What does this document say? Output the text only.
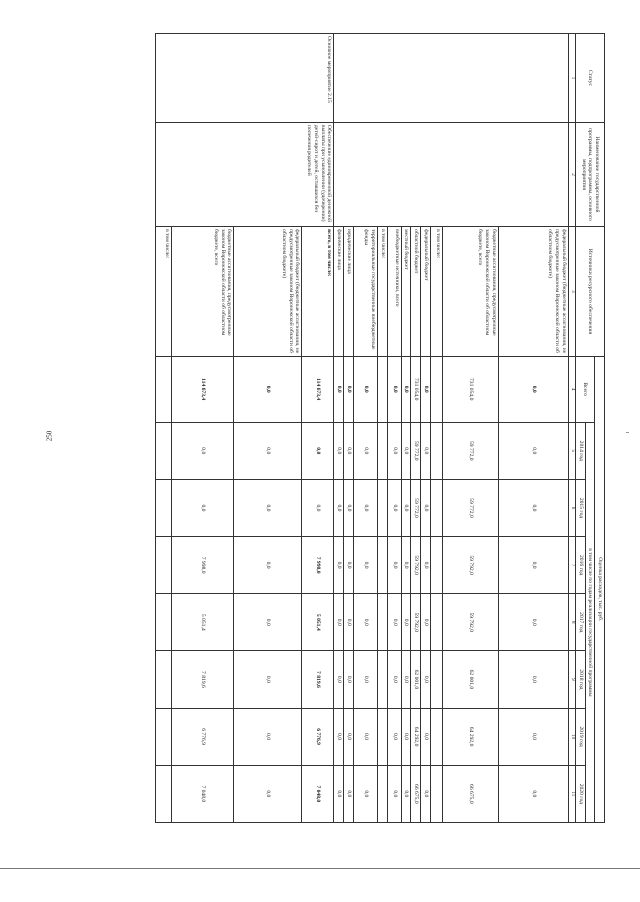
250
Статус	Наименование государственной программы, подпрограммы, основного мероприятия	Источники ресурсного обеспечения	Оценка расходов, тыс. руб.							
			Всего	в том числе по годам реализации государственной программы						
				2014 год	2015 год	2016 год	2017 год	2018 год	2019 год	2020 год
1	2	3	4	5	6	7	8	9	10	11
		федеральный бюджет (бюджетные ассигнования, не предусмотренные законом Воронежской области об областном бюджете)	0,0	0,0	0,0	0,0	0,0	0,0	0,0	0,0
		бюджетные ассигнования, предусмотренные законом Воронежской области об областном бюджете, всего	731 054,0	59 772,0	59 772,0	59 792,0	59 792,0	62 001,0	64 292,0	66 675,0
		в том числе:								
		федеральный бюджет	0,0	0,0	0,0	0,0	0,0	0,0	0,0	0,0
		областной бюджет	731 054,0	59 772,0	59 772,0	59 792,0	59 792,0	62 001,0	64 292,0	66 675,0
		местный бюджет	0,0	0,0	0,0	0,0	0,0	0,0	0,0	0,0
		внебюджетные источники, всего	0,0	0,0	0,0	0,0	0,0	0,0	0,0	0,0
		в том числе:								
		территориальные государственные внебюджетные фонды	0,0	0,0	0,0	0,0	0,0	0,0	0,0	0,0
		юридические лица	0,0	0,0	0,0	0,0	0,0	0,0	0,0	0,0
		физические лица	0,0	0,0	0,0	0,0	0,0	0,0	0,0	0,0
Основное мероприятие 2.15	Обеспечение единовременной денежной выплаты при усыновлении (удочерении) детей-сирот и детей, оставшихся без попечения родителей	всего, в том числе:	114 673,4	0,0	0,0	7 998,0	5 051,4	7 819,6	6 776,9	7 048,0
		федеральный бюджет (бюджетные ассигнования, не предусмотренные законом Воронежской области об областном бюджете)	0,0	0,0	0,0	0,0	0,0	0,0	0,0	0,0
		бюджетные ассигнования, предусмотренные законом Воронежской области об областном бюджете, всего	114 673,4	0,0	0,0	7 998,0	5 051,4	7 819,6	6 776,9	7 048,0
		в том числе:								
